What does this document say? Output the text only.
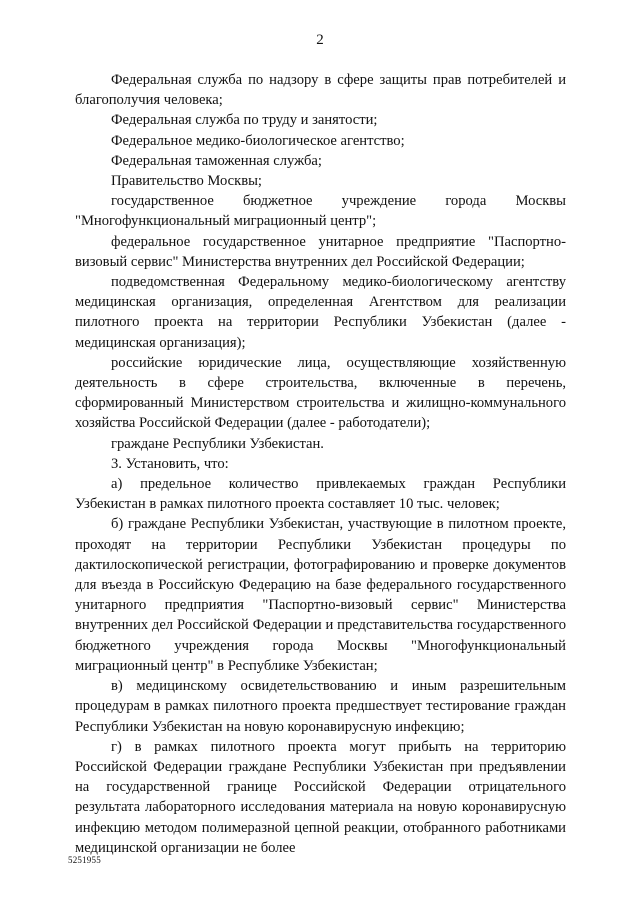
2

Федеральная служба по надзору в сфере защиты прав потребителей и благополучия человека;

Федеральная служба по труду и занятости;

Федеральное медико-биологическое агентство;

Федеральная таможенная служба;

Правительство Москвы;

государственное бюджетное учреждение города Москвы "Многофункциональный миграционный центр";

федеральное государственное унитарное предприятие "Паспортно-визовый сервис" Министерства внутренних дел Российской Федерации;

подведомственная Федеральному медико-биологическому агентству медицинская организация, определенная Агентством для реализации пилотного проекта на территории Республики Узбекистан (далее - медицинская организация);

российские юридические лица, осуществляющие хозяйственную деятельность в сфере строительства, включенные в перечень, сформированный Министерством строительства и жилищно-коммунального хозяйства Российской Федерации (далее - работодатели);

граждане Республики Узбекистан.

3. Установить, что:

а) предельное количество привлекаемых граждан Республики Узбекистан в рамках пилотного проекта составляет 10 тыс. человек;

б) граждане Республики Узбекистан, участвующие в пилотном проекте, проходят на территории Республики Узбекистан процедуры по дактилоскопической регистрации, фотографированию и проверке документов для въезда в Российскую Федерацию на базе федерального государственного унитарного предприятия "Паспортно-визовый сервис" Министерства внутренних дел Российской Федерации и представительства государственного бюджетного учреждения города Москвы "Многофункциональный миграционный центр" в Республике Узбекистан;

в) медицинскому освидетельствованию и иным разрешительным процедурам в рамках пилотного проекта предшествует тестирование граждан Республики Узбекистан на новую коронавирусную инфекцию;

г) в рамках пилотного проекта могут прибыть на территорию Российской Федерации граждане Республики Узбекистан при предъявлении на государственной границе Российской Федерации отрицательного результата лабораторного исследования материала на новую коронавирусную инфекцию методом полимеразной цепной реакции, отобранного работниками медицинской организации не более

5251955
